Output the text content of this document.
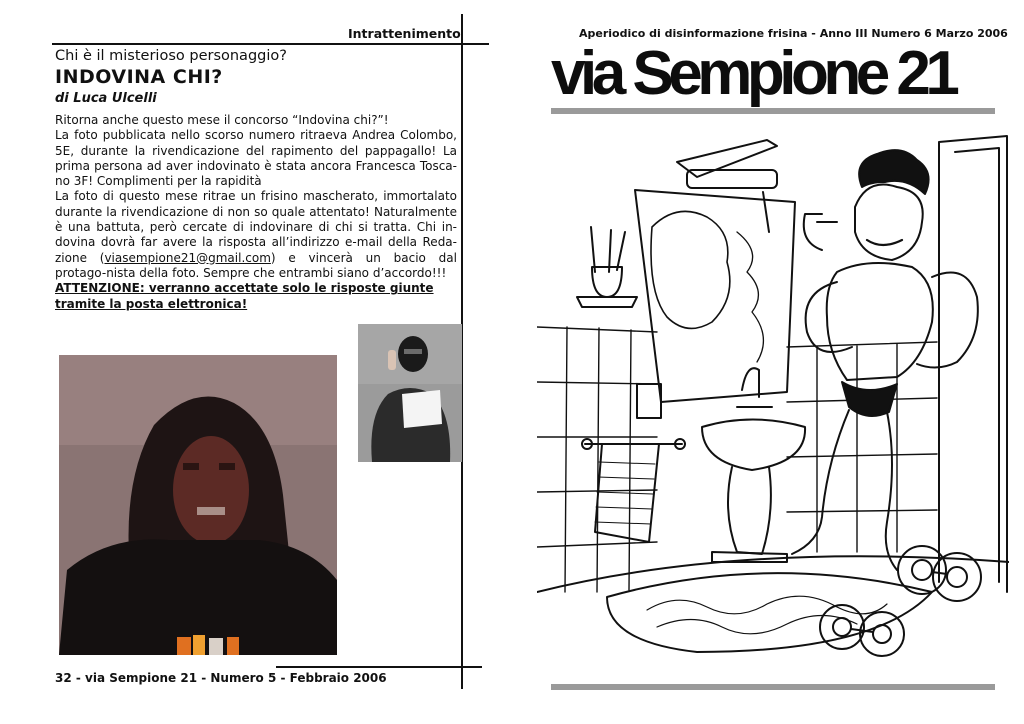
Intrattenimento
Chi è il misterioso personaggio?
INDOVINA CHI?
di Luca Ulcelli

Ritorna anche questo mese il concorso “Indovina chi?”!

La foto pubblicata nello scorso numero ritraeva Andrea Colombo, 5E, durante la rivendicazione del rapimento del pappagallo! La prima persona ad aver indovinato è stata ancora Francesca Tosca-no 3F! Complimenti per la rapidità

La foto di questo mese ritrae un frisino mascherato, immortalato durante la rivendicazione di non so quale attentato! Naturalmente è una battuta, però cercate di indovinare di chi si tratta. Chi in-dovina dovrà far avere la risposta all’indirizzo e-mail della Reda-zione (viasempione21@gmail.com) e vincerà un bacio dal protago-nista della foto. Sempre che entrambi siano d’accordo!!!

ATTENZIONE: verranno accettate solo le risposte giunte tramite la posta elettronica!

32 - via Sempione 21 - Numero 5 - Febbraio 2006
Aperiodico di disinformazione frisina - Anno III Numero 6 Marzo 2006
via Sempione 21
